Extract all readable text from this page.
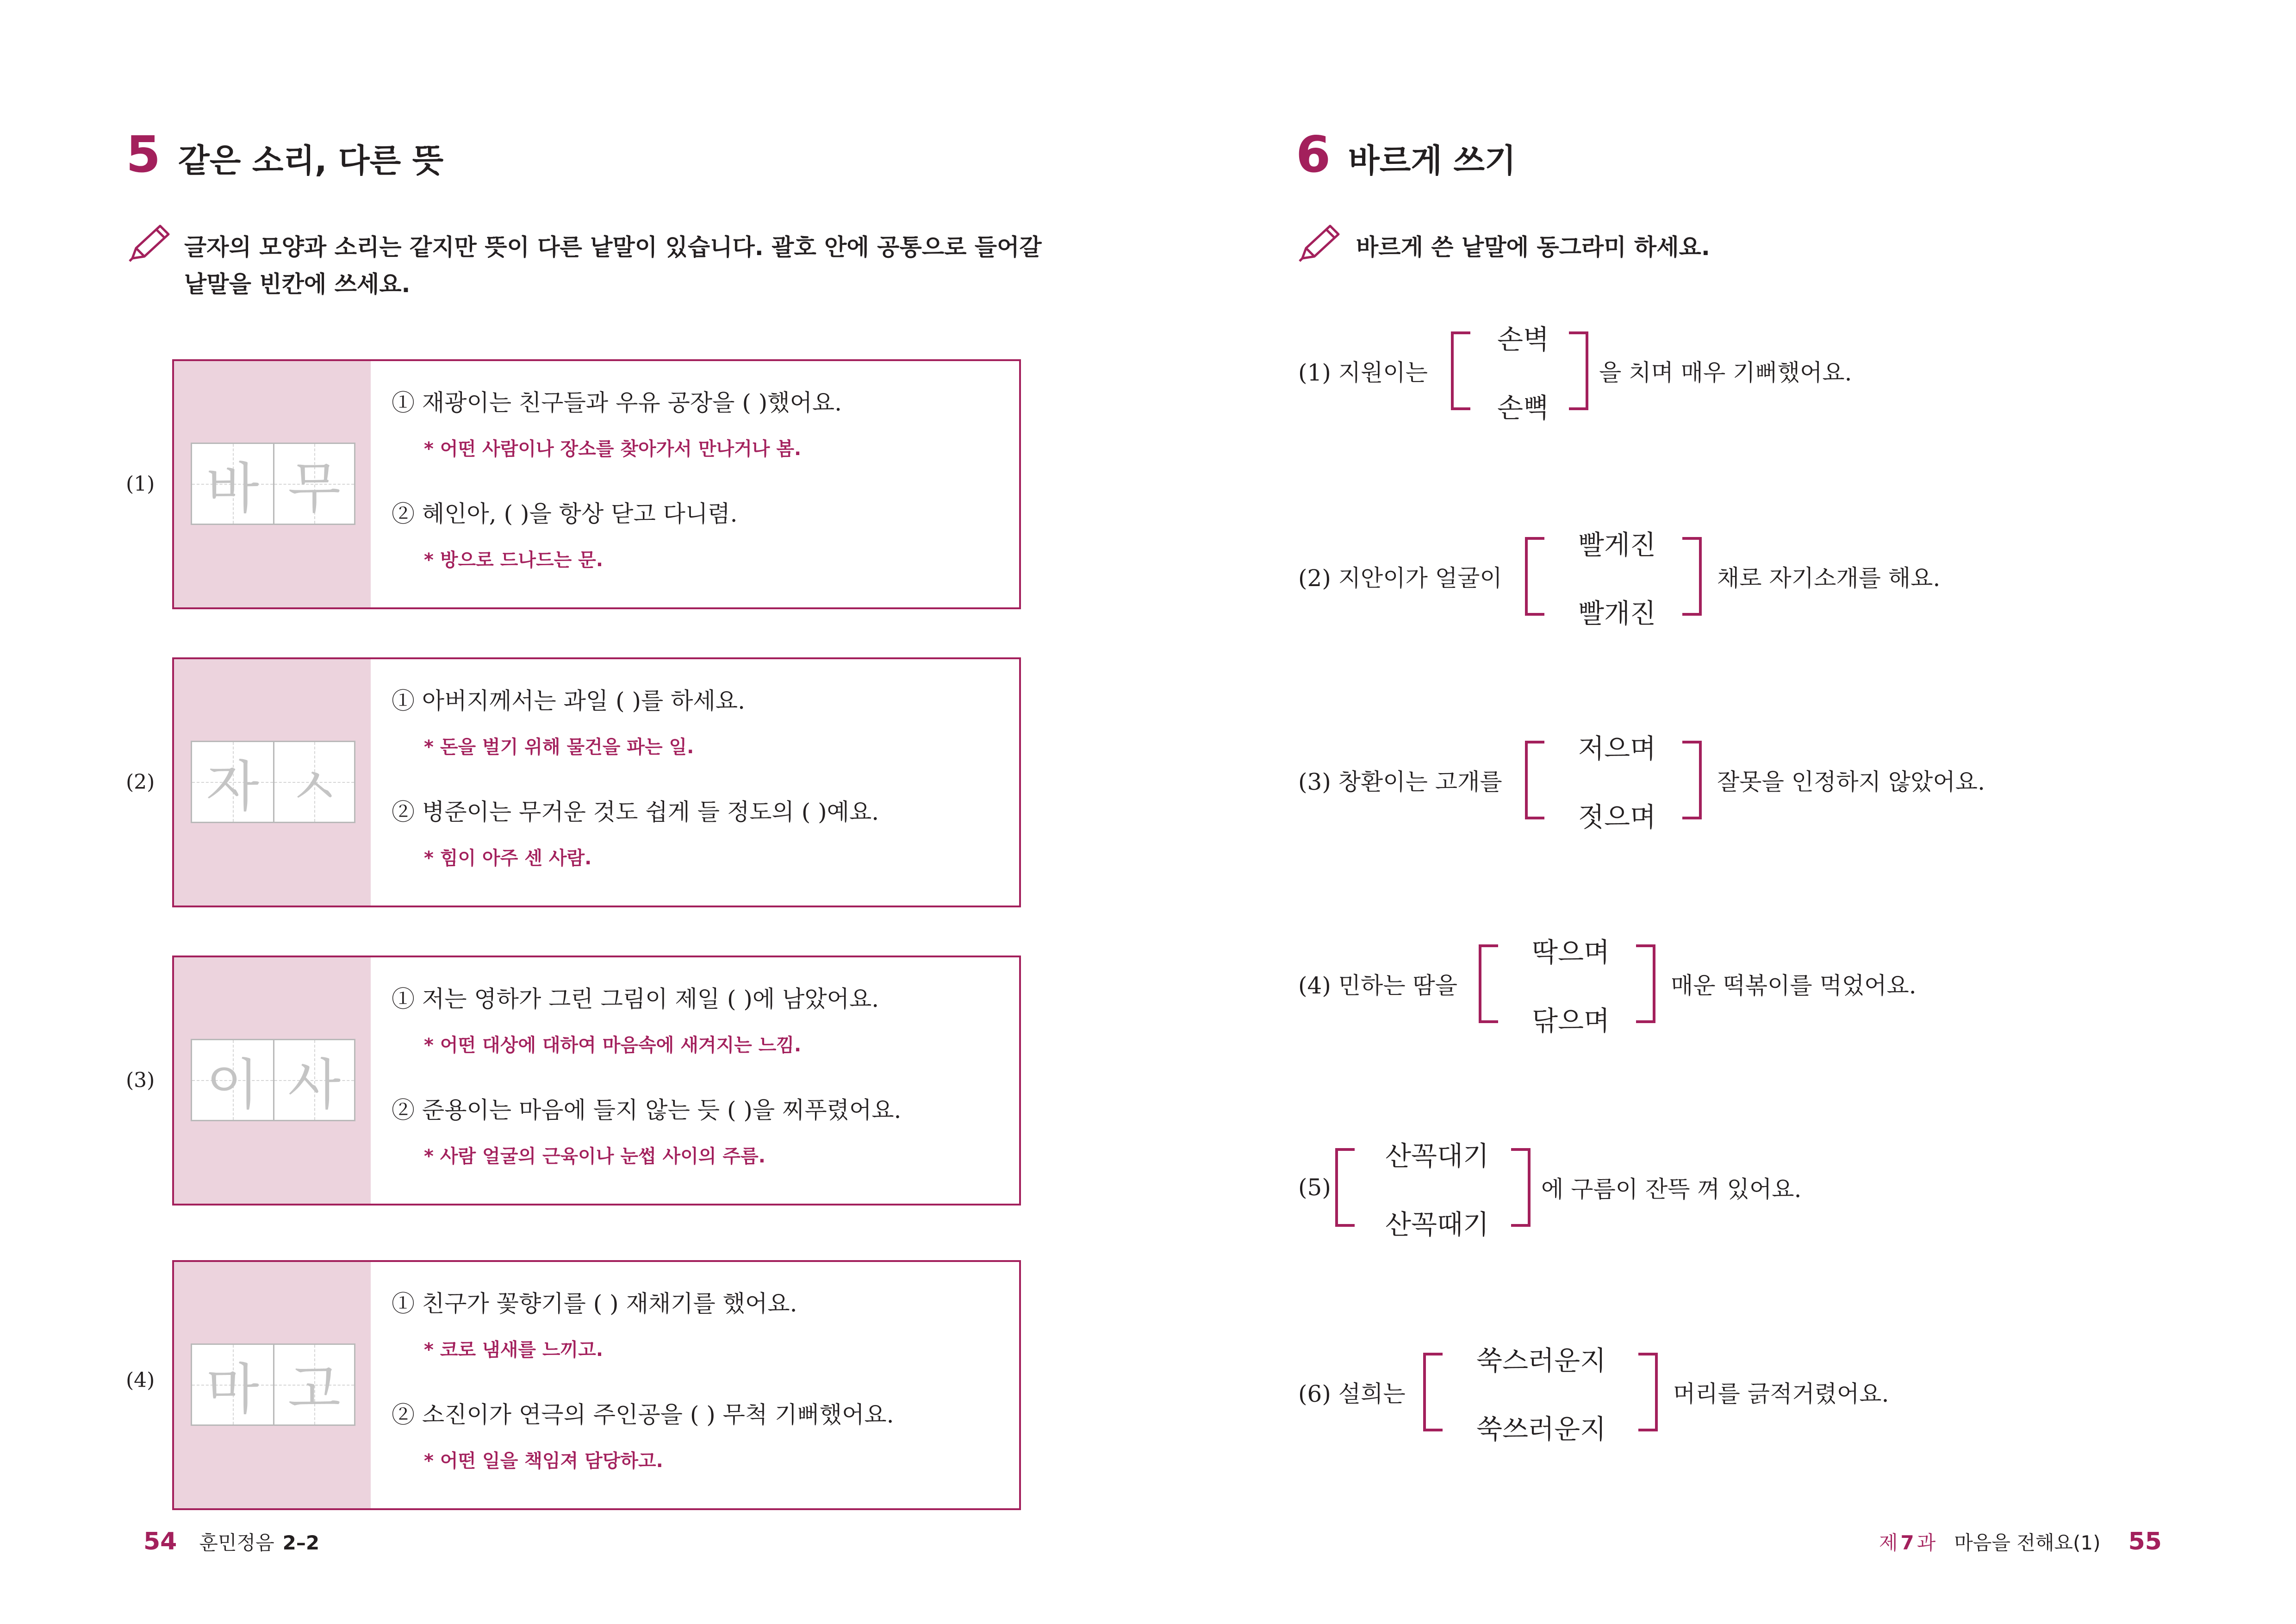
5 같은 소리, 다른 뜻
글자의 모양과 소리는 같지만 뜻이 다른 낱말이 있습니다. 괄호 안에 공통으로 들어갈
낱말을 빈칸에 쓰세요.
(1) 바 무
① 재광이는 친구들과 우유 공장을 ( )했어요.
* 어떤 사람이나 장소를 찾아가서 만나거나 봄.
② 혜인아, ( )을 항상 닫고 다니렴.
* 방으로 드나드는 문.
(2) 자 ㅅ
① 아버지께서는 과일 ( )를 하세요.
* 돈을 벌기 위해 물건을 파는 일.
② 병준이는 무거운 것도 쉽게 들 정도의 ( )예요.
* 힘이 아주 센 사람.
(3) 이 사
① 저는 영하가 그린 그림이 제일 ( )에 남았어요.
* 어떤 대상에 대하여 마음속에 새겨지는 느낌.
② 준용이는 마음에 들지 않는 듯 ( )을 찌푸렸어요.
* 사람 얼굴의 근육이나 눈썹 사이의 주름.
(4) 마 고
① 친구가 꽃향기를 ( ) 재채기를 했어요.
* 코로 냄새를 느끼고.
② 소진이가 연극의 주인공을 ( ) 무척 기뻐했어요.
* 어떤 일을 책임져 담당하고.
54 훈민정음 2–2
6 바르게 쓰기
바르게 쓴 낱말에 동그라미 하세요.
(1) 지원이는
손벽
손뼉
을 치며 매우 기뻐했어요.
(2) 지안이가 얼굴이
빨게진
빨개진
채로 자기소개를 해요.
(3) 창환이는 고개를
저으며
젓으며
잘못을 인정하지 않았어요.
(4) 민하는 땀을
딱으며
닦으며
매운 떡볶이를 먹었어요.
(5)
산꼭대기
산꼭때기
에 구름이 잔뜩 껴 있어요.
(6) 설희는
쑥스러운지
쑥쓰러운지
머리를 긁적거렸어요.
제 7 과 마음을 전해요(1) 55
